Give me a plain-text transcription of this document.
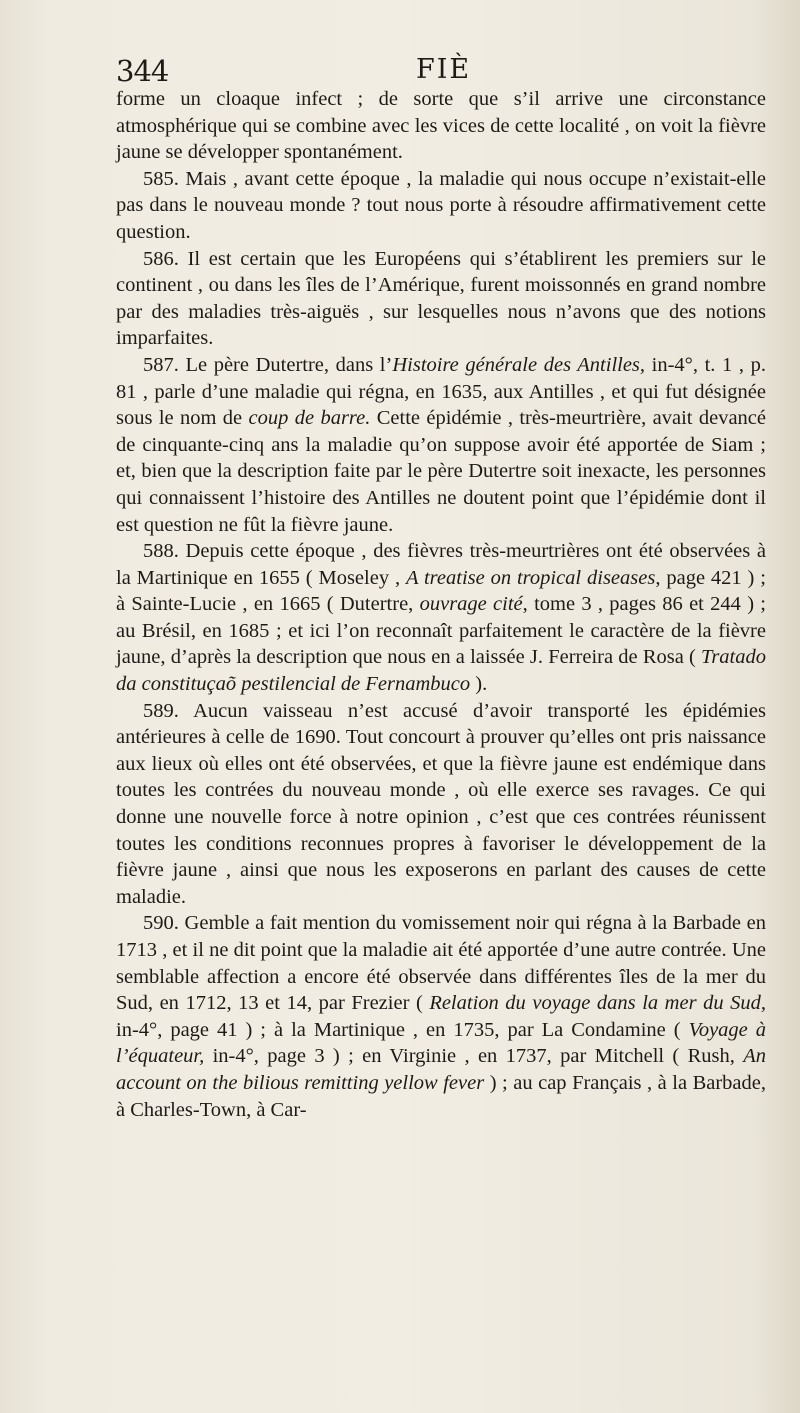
344	FIÈ

forme un cloaque infect ; de sorte que s’il arrive une circonstance atmosphérique qui se combine avec les vices de cette localité , on voit la fièvre jaune se développer spontanément.

585. Mais , avant cette époque , la maladie qui nous occupe n’existait-elle pas dans le nouveau monde ? tout nous porte à résoudre affirmativement cette question.

586. Il est certain que les Européens qui s’établirent les premiers sur le continent , ou dans les îles de l’Amérique, furent moissonnés en grand nombre par des maladies très-aiguës , sur lesquelles nous n’avons que des notions imparfaites.

587. Le père Dutertre, dans l’Histoire générale des Antilles, in-4°, t. 1 , p. 81 , parle d’une maladie qui régna, en 1635, aux Antilles , et qui fut désignée sous le nom de coup de barre. Cette épidémie , très-meurtrière, avait devancé de cinquante-cinq ans la maladie qu’on suppose avoir été apportée de Siam ; et, bien que la description faite par le père Dutertre soit inexacte, les personnes qui connaissent l’histoire des Antilles ne doutent point que l’épidémie dont il est question ne fût la fièvre jaune.

588. Depuis cette époque , des fièvres très-meurtrières ont été observées à la Martinique en 1655 ( Moseley , A treatise on tropical diseases, page 421 ) ; à Sainte-Lucie , en 1665 ( Dutertre, ouvrage cité, tome 3 , pages 86 et 244 ) ; au Brésil, en 1685 ; et ici l’on reconnaît parfaitement le caractère de la fièvre jaune, d’après la description que nous en a laissée J. Ferreira de Rosa ( Tratado da constituçaõ pestilencial de Fernambuco ).

589. Aucun vaisseau n’est accusé d’avoir transporté les épidémies antérieures à celle de 1690. Tout concourt à prouver qu’elles ont pris naissance aux lieux où elles ont été observées, et que la fièvre jaune est endémique dans toutes les contrées du nouveau monde , où elle exerce ses ravages. Ce qui donne une nouvelle force à notre opinion , c’est que ces contrées réunissent toutes les conditions reconnues propres à favoriser le développement de la fièvre jaune , ainsi que nous les exposerons en parlant des causes de cette maladie.

590. Gemble a fait mention du vomissement noir qui régna à la Barbade en 1713 , et il ne dit point que la maladie ait été apportée d’une autre contrée. Une semblable affection a encore été observée dans différentes îles de la mer du Sud, en 1712, 13 et 14, par Frezier ( Relation du voyage dans la mer du Sud, in-4°, page 41 ) ; à la Martinique , en 1735, par La Condamine ( Voyage à l’équateur, in-4°, page 3 ) ; en Virginie , en 1737, par Mitchell ( Rush, An account on the bilious remitting yellow fever ) ; au cap Français , à la Barbade, à Charles-Town, à Car-
